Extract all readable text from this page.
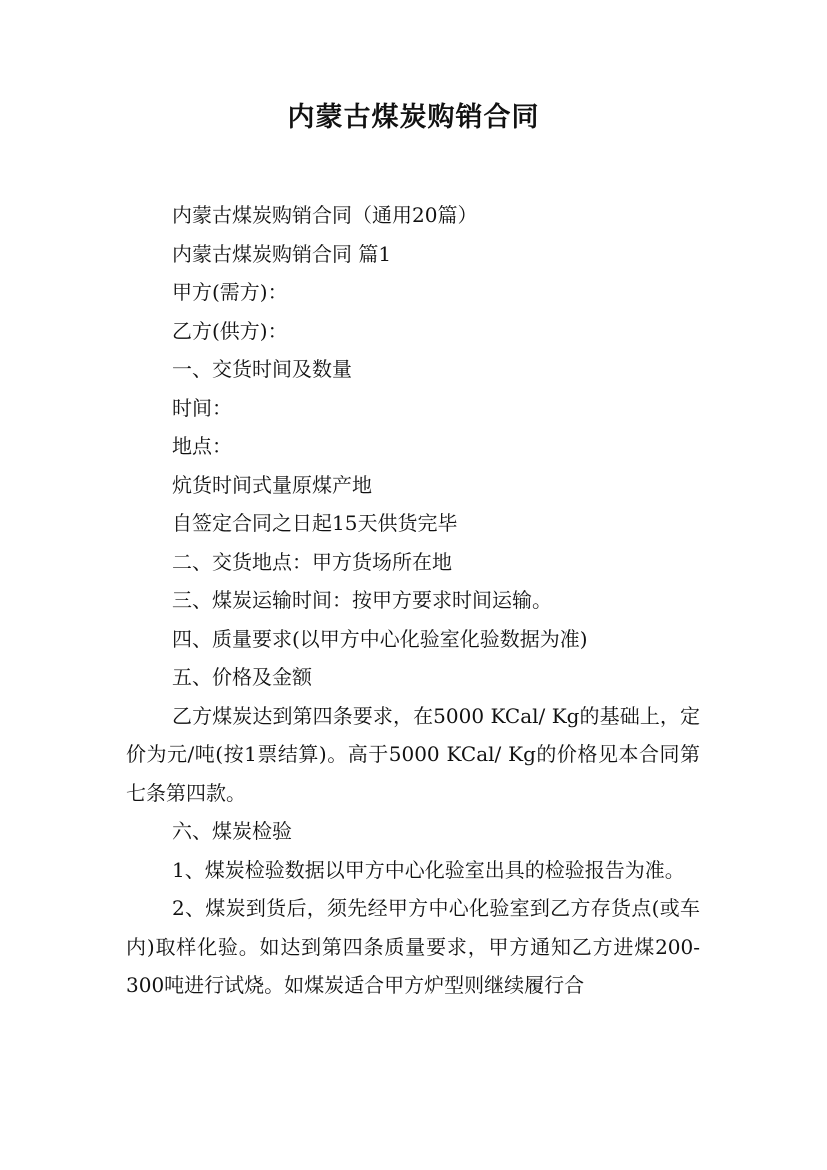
内蒙古煤炭购销合同
内蒙古煤炭购销合同（通用20篇）
内蒙古煤炭购销合同 篇1
甲方(需方)：
乙方(供方)：
一、交货时间及数量
时间：
地点：
炕货时间式量原煤产地
自签定合同之日起15天供货完毕
二、交货地点：甲方货场所在地
三、煤炭运输时间：按甲方要求时间运输。
四、质量要求(以甲方中心化验室化验数据为准)
五、价格及金额
乙方煤炭达到第四条要求，在5000 KCal/ Kg的基础上，定价为元/吨(按1票结算)。高于5000 KCal/ Kg的价格见本合同第七条第四款。
六、煤炭检验
1、煤炭检验数据以甲方中心化验室出具的检验报告为准。
2、煤炭到货后，须先经甲方中心化验室到乙方存货点(或车内)取样化验。如达到第四条质量要求，甲方通知乙方进煤200-300吨进行试烧。如煤炭适合甲方炉型则继续履行合
